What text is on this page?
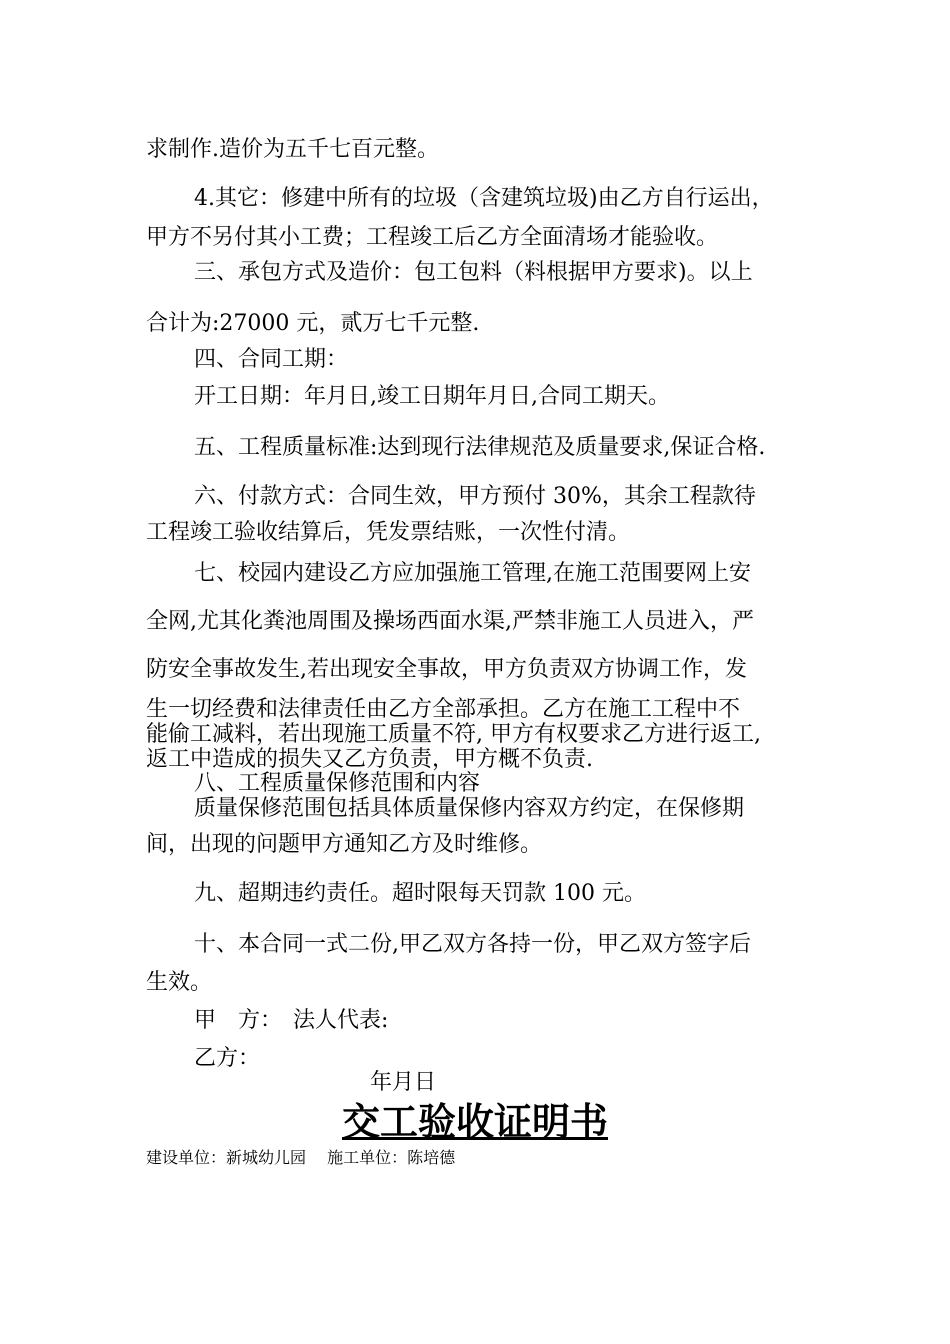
求制作.造价为五千七百元整。
4.其它：修建中所有的垃圾（含建筑垃圾)由乙方自行运出，
甲方不另付其小工费；工程竣工后乙方全面清场才能验收。
三、承包方式及造价：包工包料（料根据甲方要求)。以上
合计为:27000 元，贰万七千元整.
四、合同工期：
开工日期：年月日,竣工日期年月日,合同工期天。
五、工程质量标准:达到现行法律规范及质量要求,保证合格.
六、付款方式：合同生效，甲方预付 30%，其余工程款待
工程竣工验收结算后，凭发票结账，一次性付清。
七、校园内建设乙方应加强施工管理,在施工范围要网上安
全网,尤其化粪池周围及操场西面水渠,严禁非施工人员进入，严
防安全事故发生,若出现安全事故，甲方负责双方协调工作，发
生一切经费和法律责任由乙方全部承担。乙方在施工工程中不
能偷工减料，若出现施工质量不符, 甲方有权要求乙方进行返工,
返工中造成的损失又乙方负责，甲方概不负责.
八、工程质量保修范围和内容
质量保修范围包括具体质量保修内容双方约定，在保修期
间，出现的问题甲方通知乙方及时维修。
九、超期违约责任。超时限每天罚款 100 元。
十、本合同一式二份,甲乙双方各持一份，甲乙双方签字后
生效。
甲　方：　法人代表:
乙方：
年月日
交工验收证明书
建设单位：新城幼儿园　 施工单位：陈培德
